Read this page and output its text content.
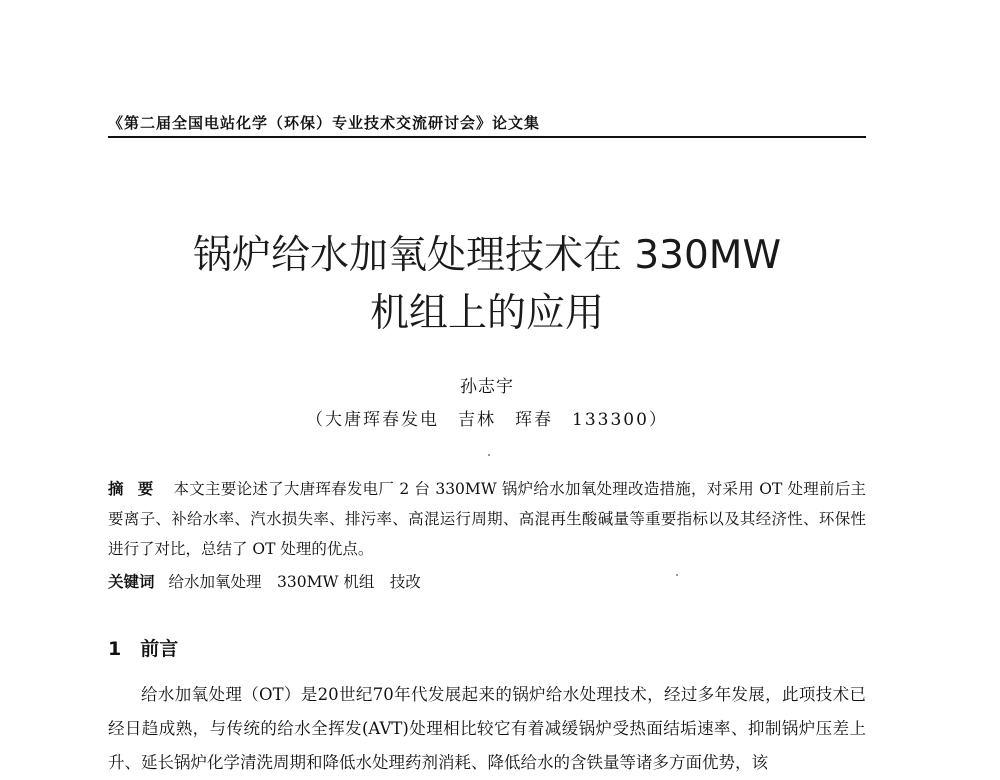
《第二届全国电站化学（环保）专业技术交流研讨会》论文集
锅炉给水加氧处理技术在 330MW
机组上的应用
孙志宇
（大唐珲春发电　吉林　珲春　133300）
摘要 本文主要论述了大唐珲春发电厂 2 台 330MW 锅炉给水加氧处理改造措施，对采用 OT 处理前后主要离子、补给水率、汽水损失率、排污率、高混运行周期、高混再生酸碱量等重要指标以及其经济性、环保性进行了对比，总结了 OT 处理的优点。
关键词 给水加氧处理　330MW 机组　技改
1　前言

给水加氧处理（OT）是20世纪70年代发展起来的锅炉给水处理技术，经过多年发展，此项技术已经日趋成熟，与传统的给水全挥发(AVT)处理相比较它有着减缓锅炉受热面结垢速率、抑制锅炉压差上升、延长锅炉化学清洗周期和降低水处理药剂消耗、降低给水的含铁量等诸多方面优势，该
